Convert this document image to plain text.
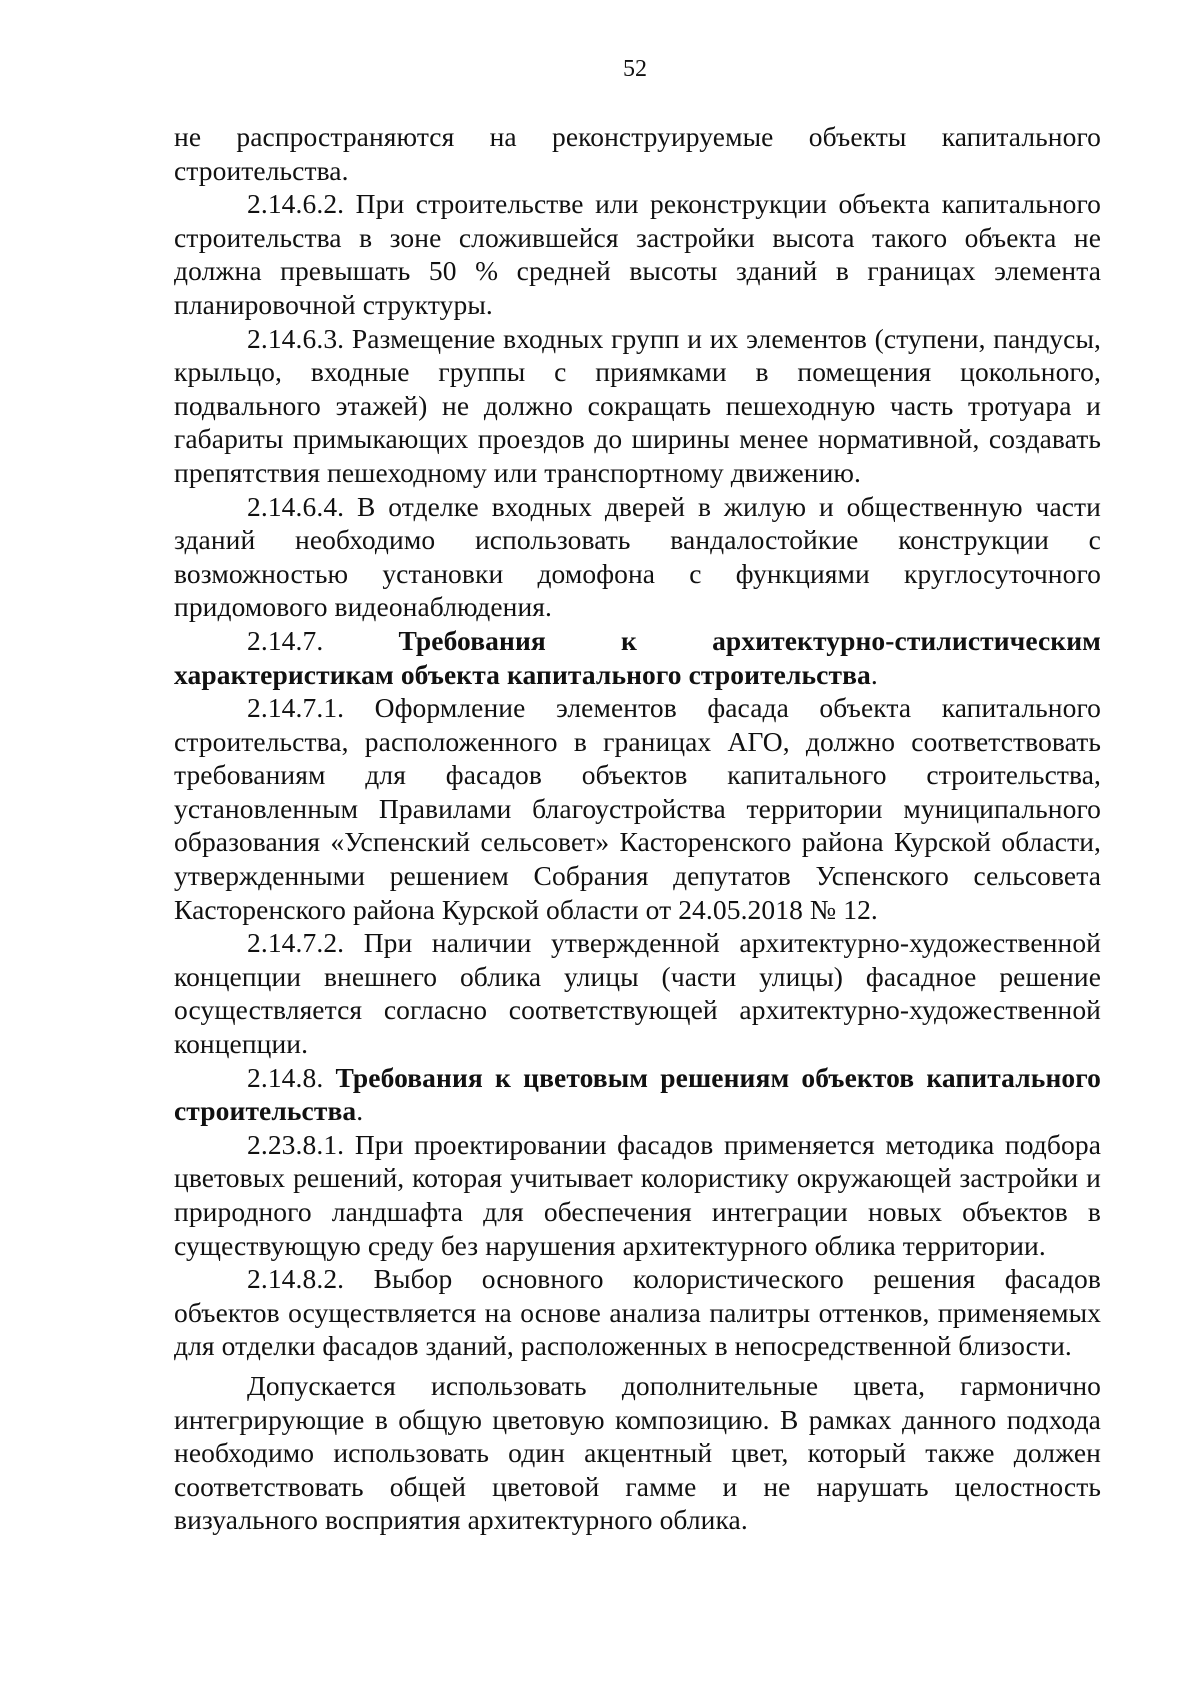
52

не распространяются на реконструируемые объекты капитального строительства.

2.14.6.2. При строительстве или реконструкции объекта капитального строительства в зоне сложившейся застройки высота такого объекта не должна превышать 50 % средней высоты зданий в границах элемента планировочной структуры.

2.14.6.3. Размещение входных групп и их элементов (ступени, пандусы, крыльцо, входные группы с приямками в помещения цокольного, подвального этажей) не должно сокращать пешеходную часть тротуара и габариты примыкающих проездов до ширины менее нормативной, создавать препятствия пешеходному или транспортному движению.

2.14.6.4. В отделке входных дверей в жилую и общественную части зданий необходимо использовать вандалостойкие конструкции с возможностью установки домофона с функциями круглосуточного придомового видеонаблюдения.

2.14.7.	Требования к архитектурно-стилистическим характеристикам объекта капитального строительства.

2.14.7.1. Оформление элементов фасада объекта капитального строительства, расположенного в границах АГО, должно соответствовать требованиям для фасадов объектов капитального строительства, установленным Правилами благоустройства территории муниципального образования «Успенский сельсовет» Касторенского района Курской области, утвержденными решением Собрания депутатов Успенского сельсовета Касторенского района Курской области от 24.05.2018 № 12.

2.14.7.2. При наличии утвержденной архитектурно-художественной концепции внешнего облика улицы (части улицы) фасадное решение осуществляется согласно соответствующей архитектурно-художественной концепции.

2.14.8. Требования к цветовым решениям объектов капитального строительства.

2.23.8.1. При проектировании фасадов применяется методика подбора цветовых решений, которая учитывает колористику окружающей застройки и природного ландшафта для обеспечения интеграции новых объектов в существующую среду без нарушения архитектурного облика территории.

2.14.8.2. Выбор основного колористического решения фасадов объектов осуществляется на основе анализа палитры оттенков, применяемых для отделки фасадов зданий, расположенных в непосредственной близости.

Допускается использовать дополнительные цвета, гармонично интегрирующие в общую цветовую композицию. В рамках данного подхода необходимо использовать один акцентный цвет, который также должен соответствовать общей цветовой гамме и не нарушать целостность визуального восприятия архитектурного облика.
